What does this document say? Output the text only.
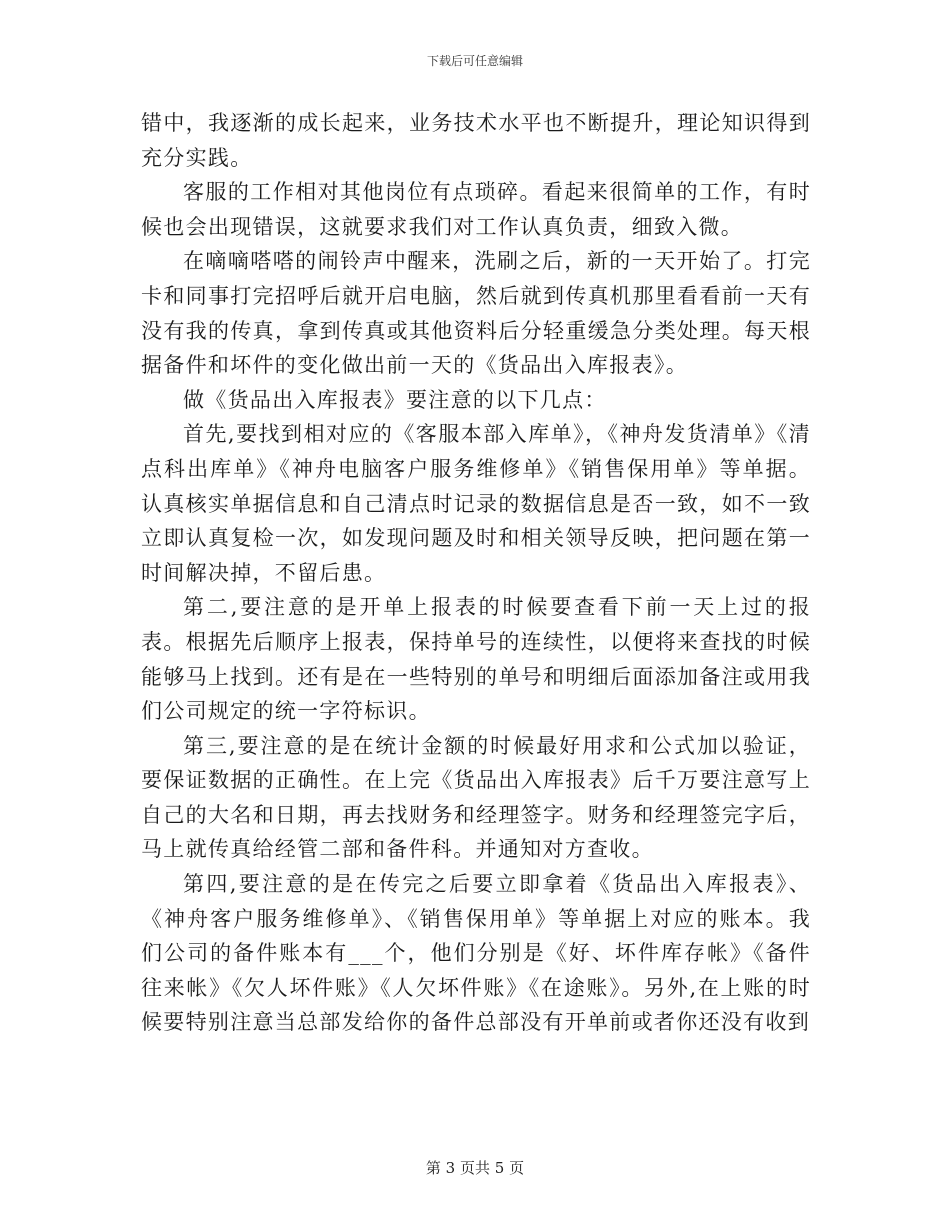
下载后可任意编辑

错中，我逐渐的成长起来，业务技术水平也不断提升，理论知识得到充分实践。

客服的工作相对其他岗位有点琐碎。看起来很简单的工作，有时候也会出现错误，这就要求我们对工作认真负责，细致入微。

在嘀嘀嗒嗒的闹铃声中醒来，洗刷之后，新的一天开始了。打完卡和同事打完招呼后就开启电脑，然后就到传真机那里看看前一天有没有我的传真，拿到传真或其他资料后分轻重缓急分类处理。每天根据备件和坏件的变化做出前一天的《货品出入库报表》。

做《货品出入库报表》要注意的以下几点：

首先,要找到相对应的《客服本部入库单》，《神舟发货清单》《清点科出库单》《神舟电脑客户服务维修单》《销售保用单》等单据。认真核实单据信息和自己清点时记录的数据信息是否一致，如不一致立即认真复检一次，如发现问题及时和相关领导反映，把问题在第一时间解决掉，不留后患。

第二,要注意的是开单上报表的时候要查看下前一天上过的报表。根据先后顺序上报表，保持单号的连续性，以便将来查找的时候能够马上找到。还有是在一些特别的单号和明细后面添加备注或用我们公司规定的统一字符标识。

第三,要注意的是在统计金额的时候最好用求和公式加以验证，要保证数据的正确性。在上完《货品出入库报表》后千万要注意写上自己的大名和日期，再去找财务和经理签字。财务和经理签完字后，马上就传真给经管二部和备件科。并通知对方查收。

第四,要注意的是在传完之后要立即拿着《货品出入库报表》、《神舟客户服务维修单》、《销售保用单》等单据上对应的账本。我们公司的备件账本有___个，他们分别是《好、坏件库存帐》《备件往来帐》《欠人坏件账》《人欠坏件账》《在途账》。另外,在上账的时候要特别注意当总部发给你的备件总部没有开单前或者你还没有收到

第 3 页共 5 页
